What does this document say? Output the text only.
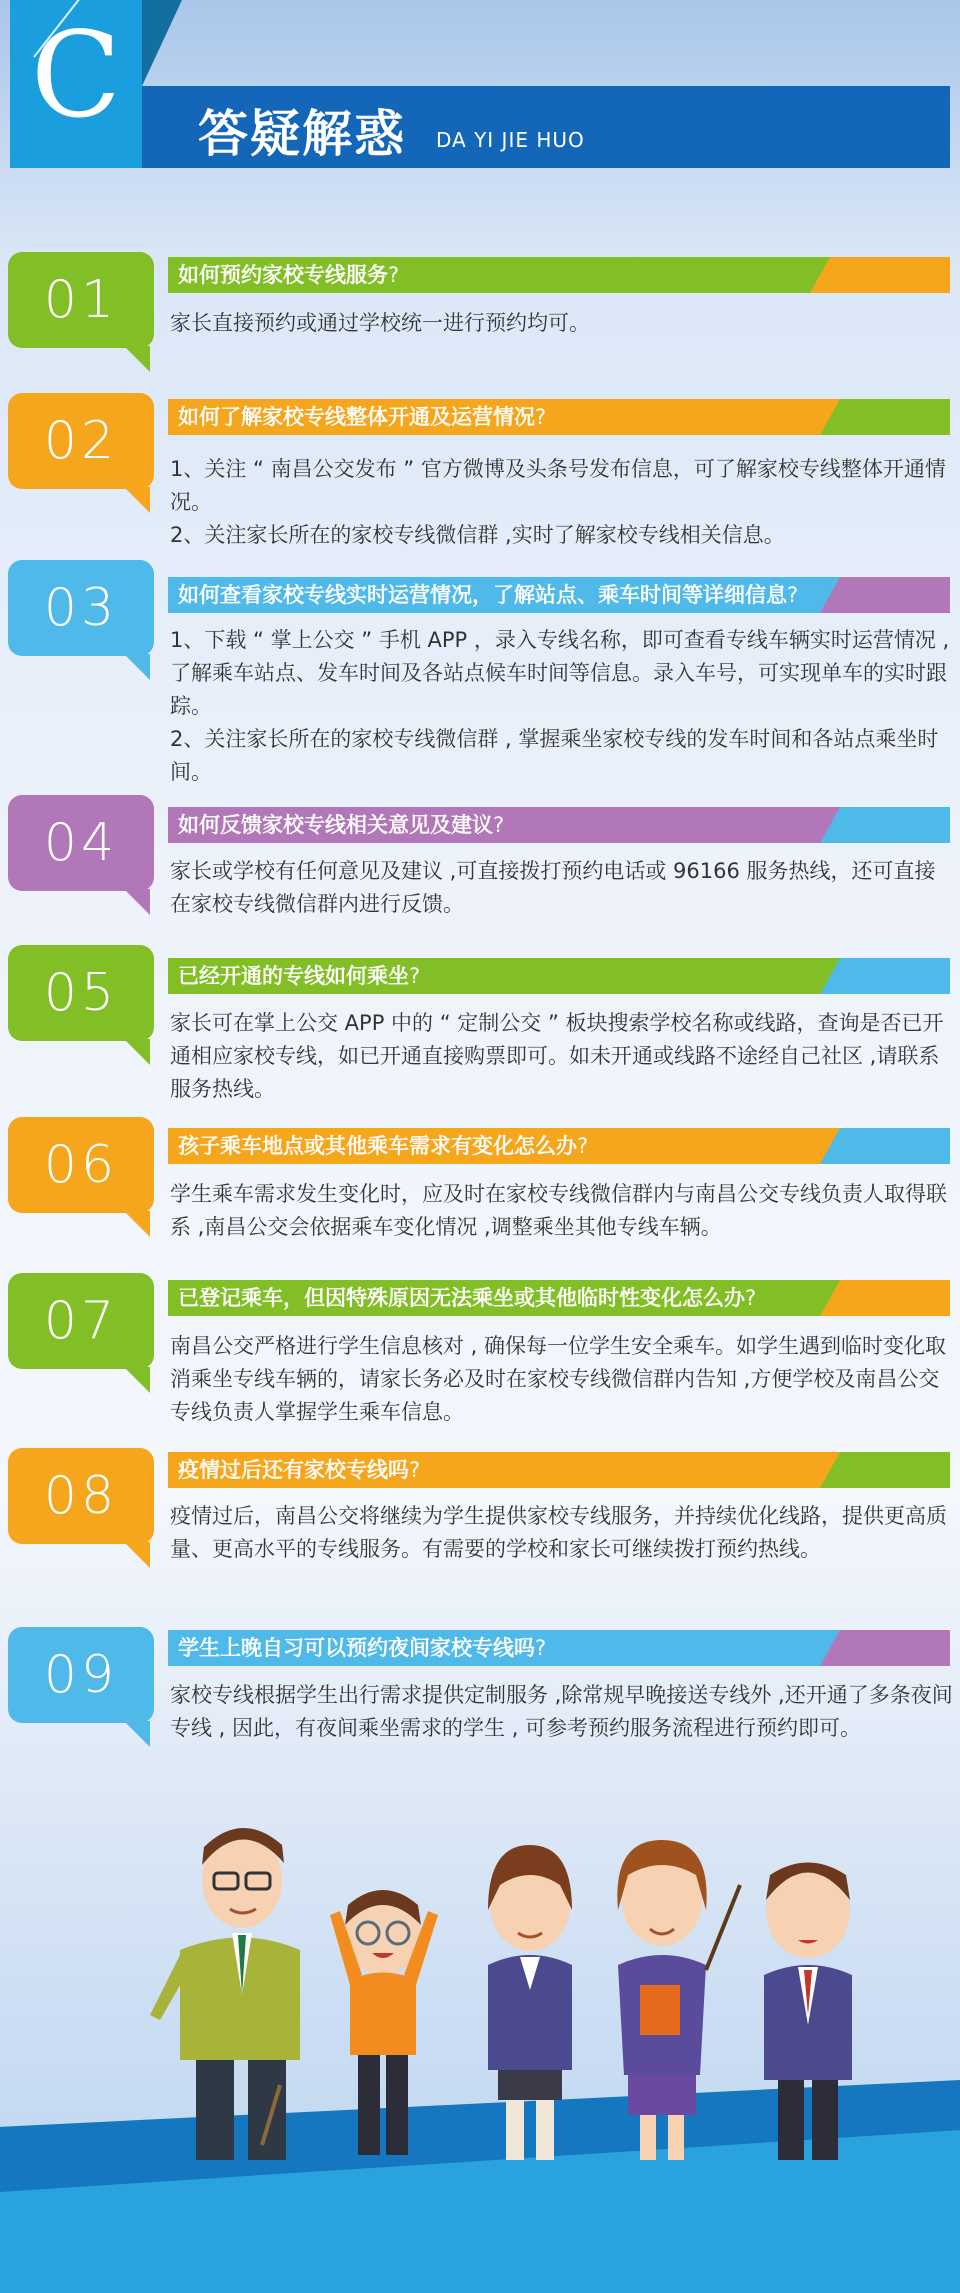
C	答疑解惑 DA YI JIE HUO
01	如何预约家校专线服务?

家长直接预约或通过学校统一进行预约均可。

02	如何了解家校专线整体开通及运营情况?

1、关注 “ 南昌公交发布 ” 官方微博及头条号发布信息，可了解家校专线整体开通情况。

2、关注家长所在的家校专线微信群 ,实时了解家校专线相关信息。

03	如何查看家校专线实时运营情况，了解站点、乘车时间等详细信息?

1、下载 “ 掌上公交 ” 手机 APP ，录入专线名称，即可查看专线车辆实时运营情况 , 了解乘车站点、发车时间及各站点候车时间等信息。录入车号，可实现单车的实时跟踪。

2、关注家长所在的家校专线微信群 , 掌握乘坐家校专线的发车时间和各站点乘坐时间。

04	如何反馈家校专线相关意见及建议?

家长或学校有任何意见及建议 ,可直接拨打预约电话或 96166 服务热线，还可直接在家校专线微信群内进行反馈。

05	已经开通的专线如何乘坐?

家长可在掌上公交 APP 中的 “ 定制公交 ” 板块搜索学校名称或线路，查询是否已开通相应家校专线，如已开通直接购票即可。如未开通或线路不途经自己社区 ,请联系服务热线。

06	孩子乘车地点或其他乘车需求有变化怎么办?

学生乘车需求发生变化时，应及时在家校专线微信群内与南昌公交专线负责人取得联系 ,南昌公交会依据乘车变化情况 ,调整乘坐其他专线车辆。

07	已登记乘车，但因特殊原因无法乘坐或其他临时性变化怎么办?

南昌公交严格进行学生信息核对 , 确保每一位学生安全乘车。如学生遇到临时变化取消乘坐专线车辆的，请家长务必及时在家校专线微信群内告知 ,方便学校及南昌公交专线负责人掌握学生乘车信息。

08	疫情过后还有家校专线吗?

疫情过后，南昌公交将继续为学生提供家校专线服务，并持续优化线路，提供更高质量、更高水平的专线服务。有需要的学校和家长可继续拨打预约热线。

09	学生上晚自习可以预约夜间家校专线吗?

家校专线根据学生出行需求提供定制服务 ,除常规早晚接送专线外 ,还开通了多条夜间专线 , 因此，有夜间乘坐需求的学生 , 可参考预约服务流程进行预约即可。
